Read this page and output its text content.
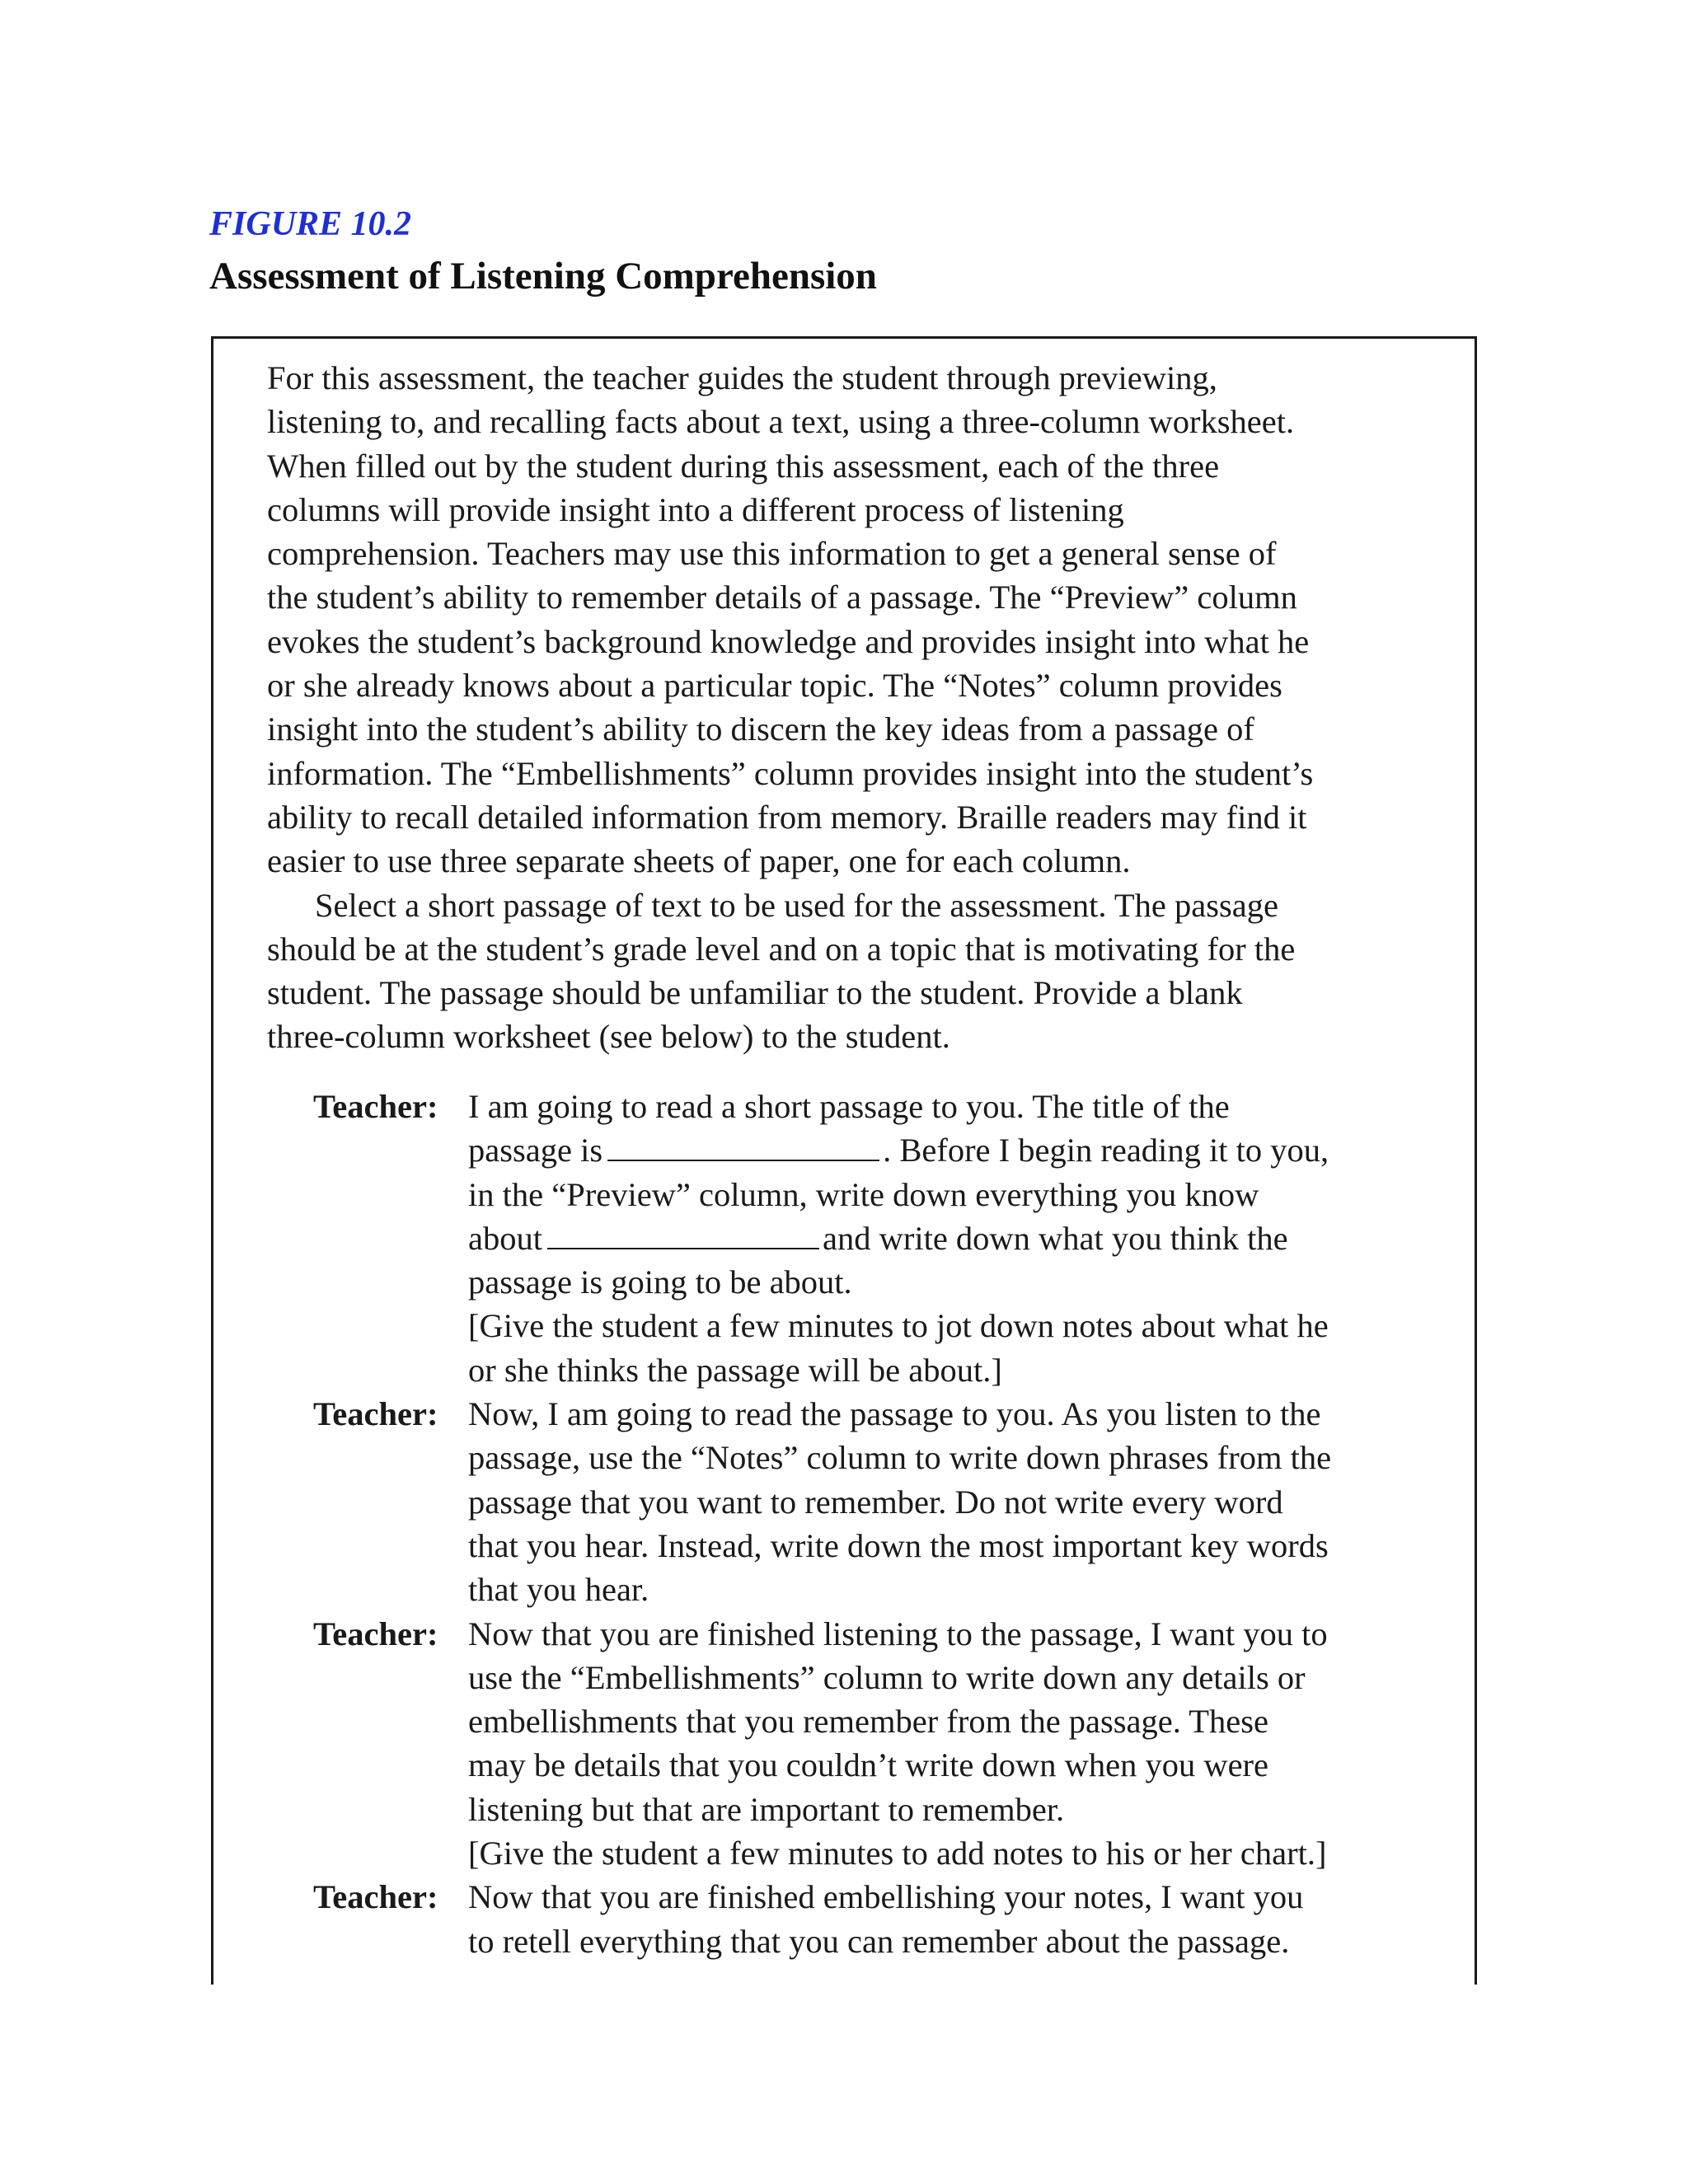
FIGURE 10.2
Assessment of Listening Comprehension
For this assessment, the teacher guides the student through previewing,
listening to, and recalling facts about a text, using a three-column worksheet.
When filled out by the student during this assessment, each of the three
columns will provide insight into a different process of listening
comprehension. Teachers may use this information to get a general sense of
the student’s ability to remember details of a passage. The “Preview” column
evokes the student’s background knowledge and provides insight into what he
or she already knows about a particular topic. The “Notes” column provides
insight into the student’s ability to discern the key ideas from a passage of
information. The “Embellishments” column provides insight into the student’s
ability to recall detailed information from memory. Braille readers may find it
easier to use three separate sheets of paper, one for each column.
Select a short passage of text to be used for the assessment. The passage
should be at the student’s grade level and on a topic that is motivating for the
student. The passage should be unfamiliar to the student. Provide a blank
three-column worksheet (see below) to the student.
Teacher: I am going to read a short passage to you. The title of the
passage is	. Before I begin reading it to you,
in the “Preview” column, write down everything you know
about	and write down what you think the
passage is going to be about.
[Give the student a few minutes to jot down notes about what he
or she thinks the passage will be about.]
Teacher: Now, I am going to read the passage to you. As you listen to the
passage, use the “Notes” column to write down phrases from the
passage that you want to remember. Do not write every word
that you hear. Instead, write down the most important key words
that you hear.
Teacher: Now that you are finished listening to the passage, I want you to
use the “Embellishments” column to write down any details or
embellishments that you remember from the passage. These
may be details that you couldn’t write down when you were
listening but that are important to remember.
[Give the student a few minutes to add notes to his or her chart.]
Teacher: Now that you are finished embellishing your notes, I want you
to retell everything that you can remember about the passage.
